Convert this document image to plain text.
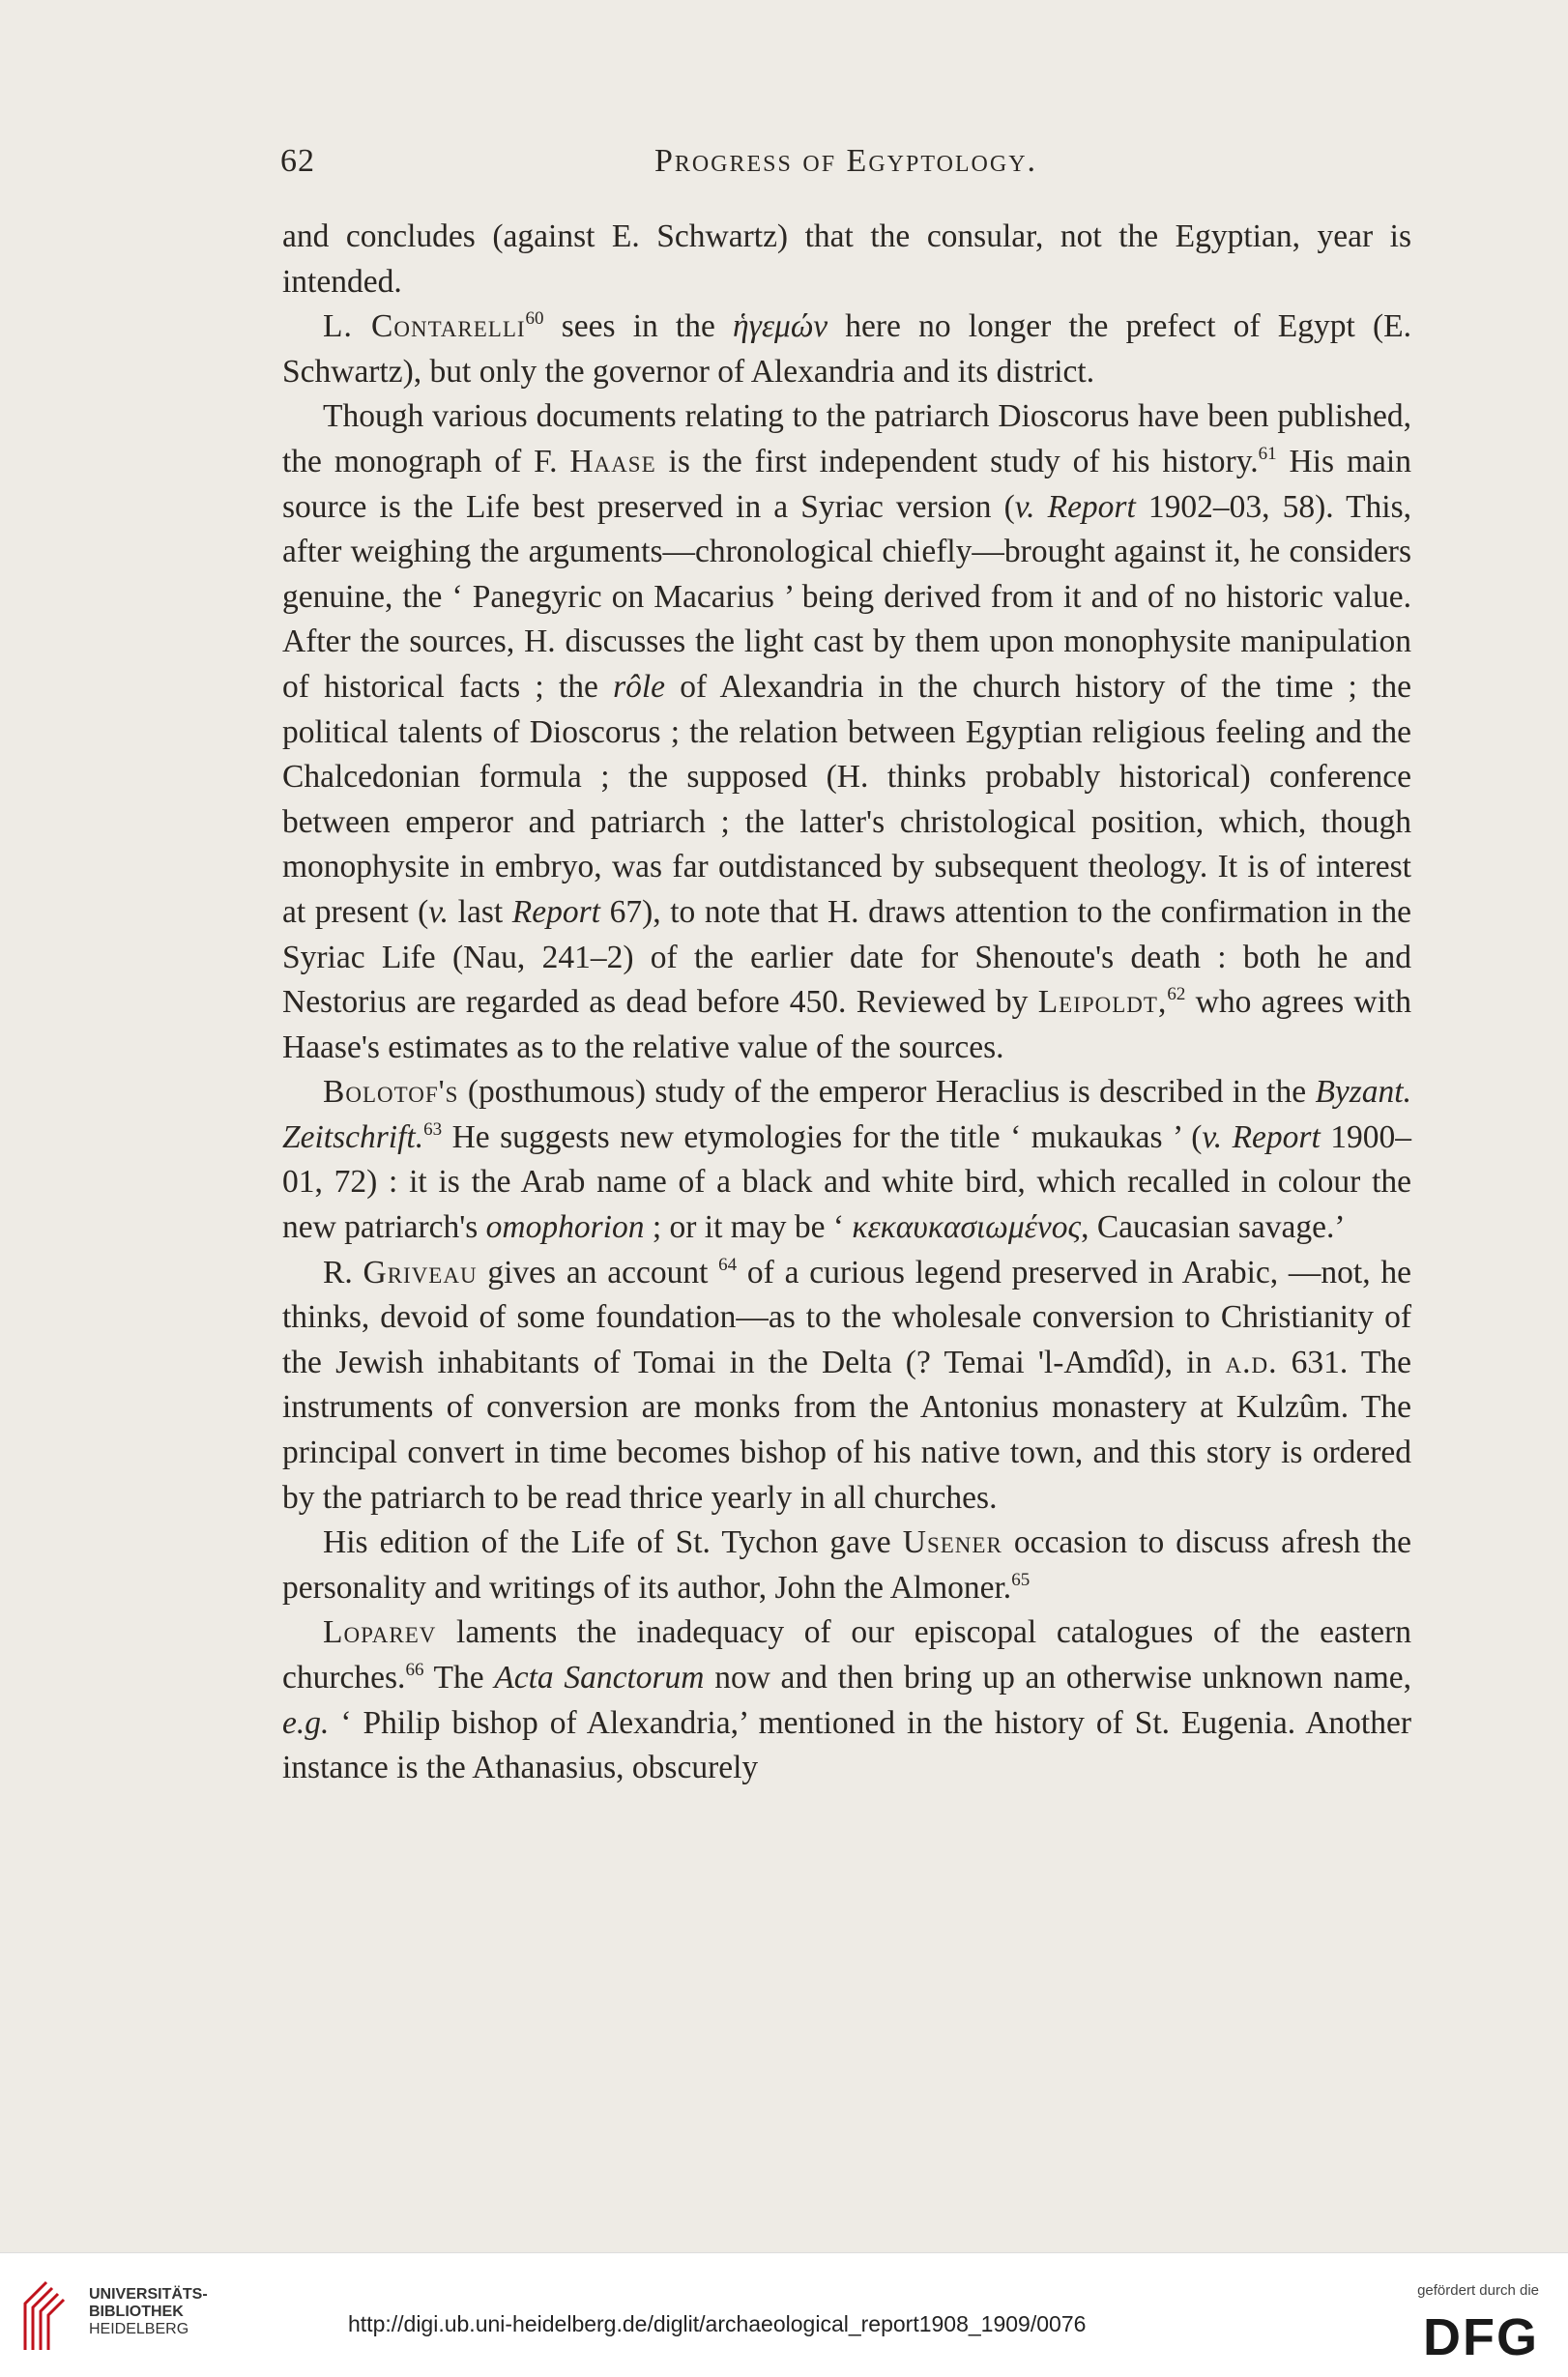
62	Progress of Egyptology.

and concludes (against E. Schwartz) that the consular, not the Egyptian, year is intended.

L. Contarelli$^{60}$ sees in the ἡγεμών here no longer the prefect of Egypt (E. Schwartz), but only the governor of Alexandria and its district.

Though various documents relating to the patriarch Dioscorus have been published, the monograph of F. Haase is the first independent study of his history.$^{61}$ His main source is the Life best preserved in a Syriac version (v. Report 1902–03, 58). This, after weighing the arguments—chronological chiefly—brought against it, he considers genuine, the ‘ Panegyric on Macarius ’ being derived from it and of no historic value. After the sources, H. discusses the light cast by them upon monophysite manipulation of historical facts ; the rôle of Alexandria in the church history of the time ; the political talents of Dioscorus ; the relation between Egyptian religious feeling and the Chalcedonian formula ; the supposed (H. thinks probably historical) conference between emperor and patriarch ; the latter's christological position, which, though monophysite in embryo, was far outdistanced by subsequent theology. It is of interest at present (v. last Report 67), to note that H. draws attention to the confirmation in the Syriac Life (Nau, 241–2) of the earlier date for Shenoute's death : both he and Nestorius are regarded as dead before 450. Reviewed by Leipoldt,$^{62}$ who agrees with Haase's estimates as to the relative value of the sources.

Bolotof's (posthumous) study of the emperor Heraclius is described in the Byzant. Zeitschrift.$^{63}$ He suggests new etymologies for the title ‘ mukaukas ’ (v. Report 1900–01, 72) : it is the Arab name of a black and white bird, which recalled in colour the new patriarch's omophorion ; or it may be ‘ κεκαυκασιωμένος, Caucasian savage.’

R. Griveau gives an account $^{64}$ of a curious legend preserved in Arabic, —not, he thinks, devoid of some foundation—as to the wholesale conversion to Christianity of the Jewish inhabitants of Tomai in the Delta (? Temai 'l-Amdîd), in a.d. 631. The instruments of conversion are monks from the Antonius monastery at Kulzûm. The principal convert in time becomes bishop of his native town, and this story is ordered by the patriarch to be read thrice yearly in all churches.

His edition of the Life of St. Tychon gave Usener occasion to discuss afresh the personality and writings of its author, John the Almoner.$^{65}$

Loparev laments the inadequacy of our episcopal catalogues of the eastern churches.$^{66}$ The Acta Sanctorum now and then bring up an otherwise unknown name, e.g. ‘ Philip bishop of Alexandria,’ mentioned in the history of St. Eugenia. Another instance is the Athanasius, obscurely

UNIVERSITÄTS-
BIBLIOTHEK
HEIDELBERG	http://digi.ub.uni-heidelberg.de/diglit/archaeological_report1908_1909/0076
gefördert durch die
DFG
